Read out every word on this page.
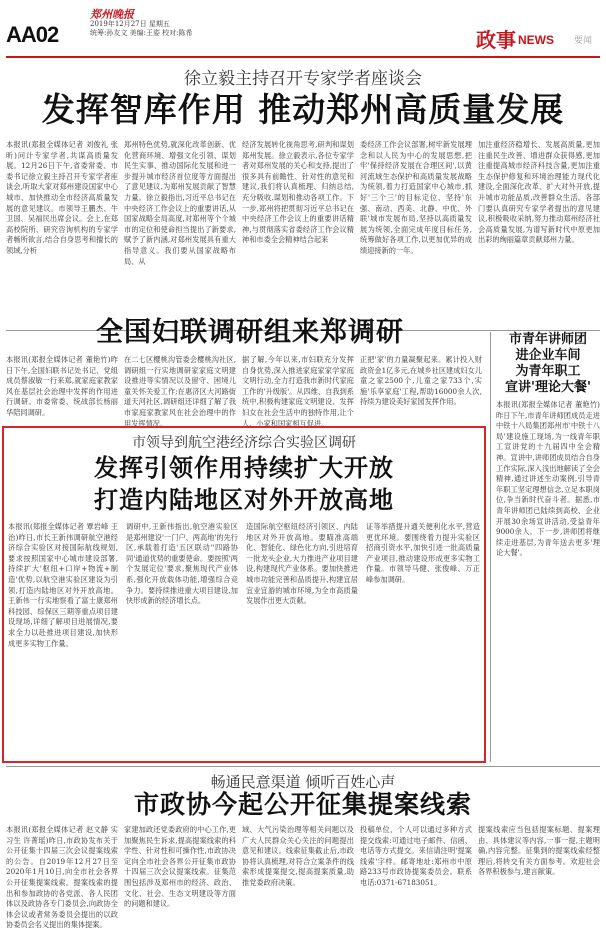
AA02
郑州晚报
2019年12月27日 星期五
统筹:孙友文 美编:王姿 校对:陈希	政事 NEWS 要闻
徐立毅主持召开专家学者座谈会
发挥智库作用 推动郑州高质量发展
本报讯(郑报全媒体记者 刘俊礼 张昕)问计专家学者,共谋高质量发展。12月26日下午,省委常委、市委书记徐立毅主持召开专家学者座谈会,听取大家对郑州建设国家中心城市、加快推动全市经济高质量发展的意见建议。市领导王鹏杰、牛卫国、吴福民出席会议。会上,在郑高校院所、研究咨询机构的专家学者畅所欲言,结合自身思考和擅长的领域,分析
郑州特色优势,就深化改革创新、优化营商环境、增强文化引领、谋划民生实事、推动国际化发展和进一步提升城市经济首位度等方面提出了意见建议,为郑州发展贡献了智慧力量。徐立毅指出,习近平总书记在中央经济工作会议上的重要讲话,从国家战略全局高度,对郑州等个个城市的定位和使命担当提出了新要求,赋予了新内涵,对郑州发展具有重大指导意义。我们要从国家战略布局、从
经济发展转化视角思考,研判和谋划郑州发展。徐立毅表示,各位专家学者对郑州发展的关心和支持,提出了很多具有前瞻性、针对性的意见和建议,我们将认真梳理、归纳总结,充分吸收,谋划和推动各项工作。下一步,郑州将把贯彻习近平总书记在中央经济工作会议上的重要讲话精神,与贯彻落实省委经济工作会议精神和市委全会精神结合起来
委经济工作会议部署,树牢新发展理念和以人民为中心的发展思想,把牢'保持经济发展在合理区间',以黄河流域生态保护和高质量发展战略为统领,着力打造国家中心城市,抓好'三个三'的目标定位、坚持'东强、南动、西美、北静、中优、外联'城市发展布局,坚持以高质量发展为统领,全面完成年度目标任务,统筹做好各项工作,以更加优异的成绩迎接新的一年。
加注重经济稳增长、发展高质量,更加注重民生改善、增进群众获得感,更加注重提高城市经济科技含量,更加注重生态保护修复和环境治理能力现代化建设,全面深化改革、扩大对外开放,提升城市功能品质,改善群众生活。各部门要认真研究专家学者提出的意见建议,积极吸收采纳,努力推动郑州经济社会高质量发展,为谱写新时代中原更加出彩的绚丽篇章贡献郑州力量。
全国妇联调研组来郑调研
本报讯(郑报全媒体记者 董艳竹)昨日下午,全国妇联书记处书记、党组成员蔡淑敏一行来郑,就家庭家教家风在基层社会治理中发挥的作用进行调研。市委常委、统战部长杨丽华陪同调研。
在二七区樱桃沟管委会樱桃沟社区,调研组一行实地调研家家庭文明建设推进等实情况以及留守、困境儿童关怀关爱工作;在惠济区大河路街道天河社区,调研组还详细了解了我市家庭家教家风在社会治理中的作用发挥情况。
据了解,今年以来,市妇联充分发挥自身优势,深入推进家庭家家学家庭文明行动,全力打造我市新时代家庭工作的'升级版'。从四维、自我到系统中,积极构建家庭文明建设、发挥妇女在社会生活中的独特作用,让个人、小家和国家相互促进。
正把'家'的力量凝聚起来。累计投入财政资金1亿多元,在城乡社区建成妇女儿童之家2500个,儿童之家733个,实施'乐享家庭'工程,帮助16000余人次,持续为建设美好家园发挥作用。
市青年讲师团
进企业车间
为青年职工
宣讲'理论大餐'
本报讯(郑报全媒体记者 董艳竹)昨日下午,市青年讲师团成员走进中铁十八局集团郑州市'中铁十八局'建设施工现场,为一线青年职工宣讲党的十九届四中全会精神。宣讲中,讲师团成员结合自身工作实际,深入浅出地解读了全会精神,通过讲述生动案例,引导青年职工坚定理想信念,立足本职岗位,争当新时代奋斗者。据悉,市青年讲师团已陆续到高校、企业开展30余场宣讲活动,受益青年9000余人。下一步,讲师团将继续走进基层,为青年送去更多'理论大餐'。
市领导到航空港经济综合实验区调研
发挥引领作用持续扩大开放
打造内陆地区对外开放高地
本报讯(郑报全媒体记者 覃岩峰 王治)昨日,市长王新伟调研航空港经济综合实验区对接国际航线规划,要求按照国家中心城市建设部署,持续扩大'枢纽+口岸+物流+制造'优势,以航空港实验区建设为引领,打造内陆地区对外开放高地。王新伟一行实地察看了富士康郑州科技园、综保区三期等重点项目建设现场,详细了解项目进展情况,要求全力以赴推进项目建设,加快形成更多实物工作量。
调研中,王新伟指出,航空港实验区是郑州建设'一门户、两高地'的先行区,承载着打造'五区联动''四路协同'通道优势的重要使命。要按照'两个发展定位'要求,聚焦现代产业体系,强化开放载体功能,增强综合竞争力。要持续推进重大项目建设,加快形成新的经济增长点。
造国际航空枢纽经济引领区、内陆地区对外开放高地。要瞄准高端化、智能化、绿色化方向,引进培育一批龙头企业,大力推进产业项目建设,构建现代产业体系。要加快推进城市功能完善和品质提升,构建宜居宜业宜游的城市环境,为全市高质量发展作出更大贡献。
证等举措提升通关便利化水平,营造更优环境。要围绕着力提升实验区招商引资水平,加快引进一批高质量产业项目,推动建设形成更多实物工作量。市领导马健、张俊峰、万正峰参加调研。
畅通民意渠道 倾听百姓心声
市政协今起公开征集提案线索
本报讯(郑报全媒体记者 赵文静 实习生 许菁瑶)昨日,市政协发布关于公开征集十四届三次会议提案线索的公告。自2019年12月27日至2020年1月10日,向全市社会各界公开征集提案线索。提案线索的提出和参加政协的各党派、各人民团体以及政协各专门委员会,向政协全体会议或者常务委员会提出的以政协委员会名义提出的集体提案。
家建加政还党委政府的中心工作,更加聚焦民生诉求,提高提案线索的科学性、针对性和可操作性,市政协决定向全市社会各界公开征集市政协十四届三次会议提案线索。征集范围包括涉及郑州市的经济、政治、文化、社会、生态文明建设等方面的问题和建议。
域、大气污染治理等相关问题以及广大人民群众关心关注的问题提出意见和建议。线索征集截止后,市政协将认真梳理,对符合立案条件的线索形成提案提交,提高提案质量,助推党委政府决策。
投稿单位、个人可以通过多种方式提交线索:可通过电子邮件、信函、电话等方式提交。来信请注明'提案线索'字样。邮寄地址:郑州市中原路233号市政协提案委员会。联系电话:0371-67183051。
提案线索应当包括提案标题、提案理由、具体建议等内容,一事一提,主题明确,内容完整。征集到的提案线索经整理后,将转交有关方面参考。欢迎社会各界积极参与,建言献策。
